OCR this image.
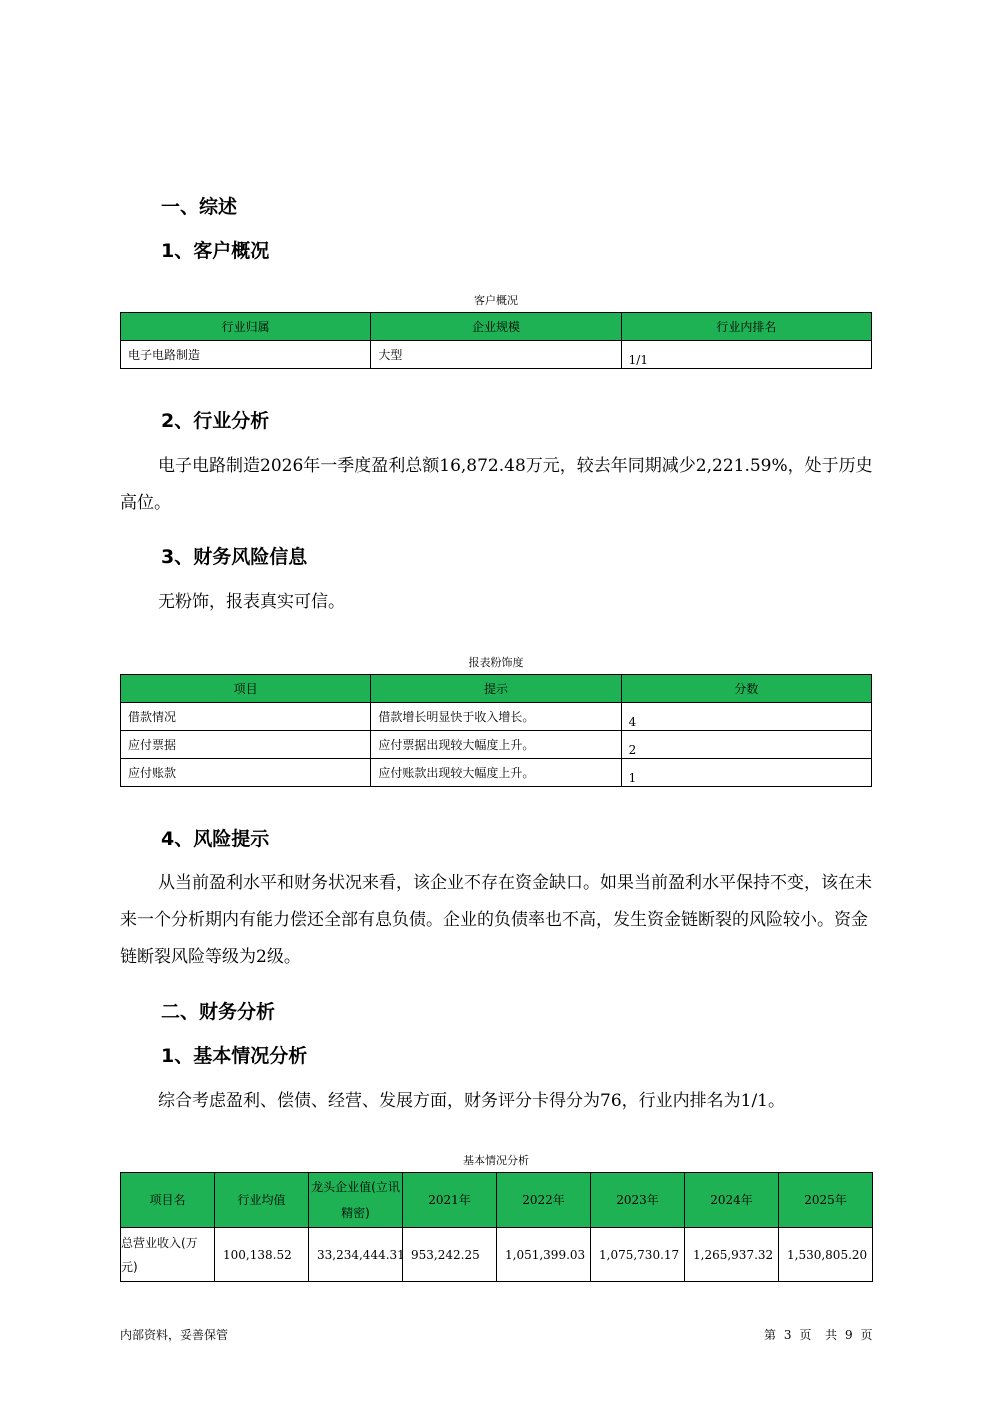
一、综述
1、客户概况
客户概况
行业归属	企业规模	行业内排名
电子电路制造	大型	1/1
2、行业分析

电子电路制造2026年一季度盈利总额16,872.48万元，较去年同期减少2,221.59%，处于历史高位。

3、财务风险信息

无粉饰，报表真实可信。

报表粉饰度
项目	提示	分数
借款情况	借款增长明显快于收入增长。	4
应付票据	应付票据出现较大幅度上升。	2
应付账款	应付账款出现较大幅度上升。	1
4、风险提示

从当前盈利水平和财务状况来看，该企业不存在资金缺口。如果当前盈利水平保持不变，该在未来一个分析期内有能力偿还全部有息负债。企业的负债率也不高，发生资金链断裂的风险较小。资金链断裂风险等级为2级。

二、财务分析
1、基本情况分析

综合考虑盈利、偿债、经营、发展方面，财务评分卡得分为76，行业内排名为1/1。

基本情况分析
项目名	行业均值	龙头企业值(立讯精密)	2021年	2022年	2023年	2024年	2025年
总营业收入(万元)	100,138.52	33,234,444.31	953,242.25	1,051,399.03	1,075,730.17	1,265,937.32	1,530,805.20
内部资料，妥善保管	第 3 页 共 9 页
